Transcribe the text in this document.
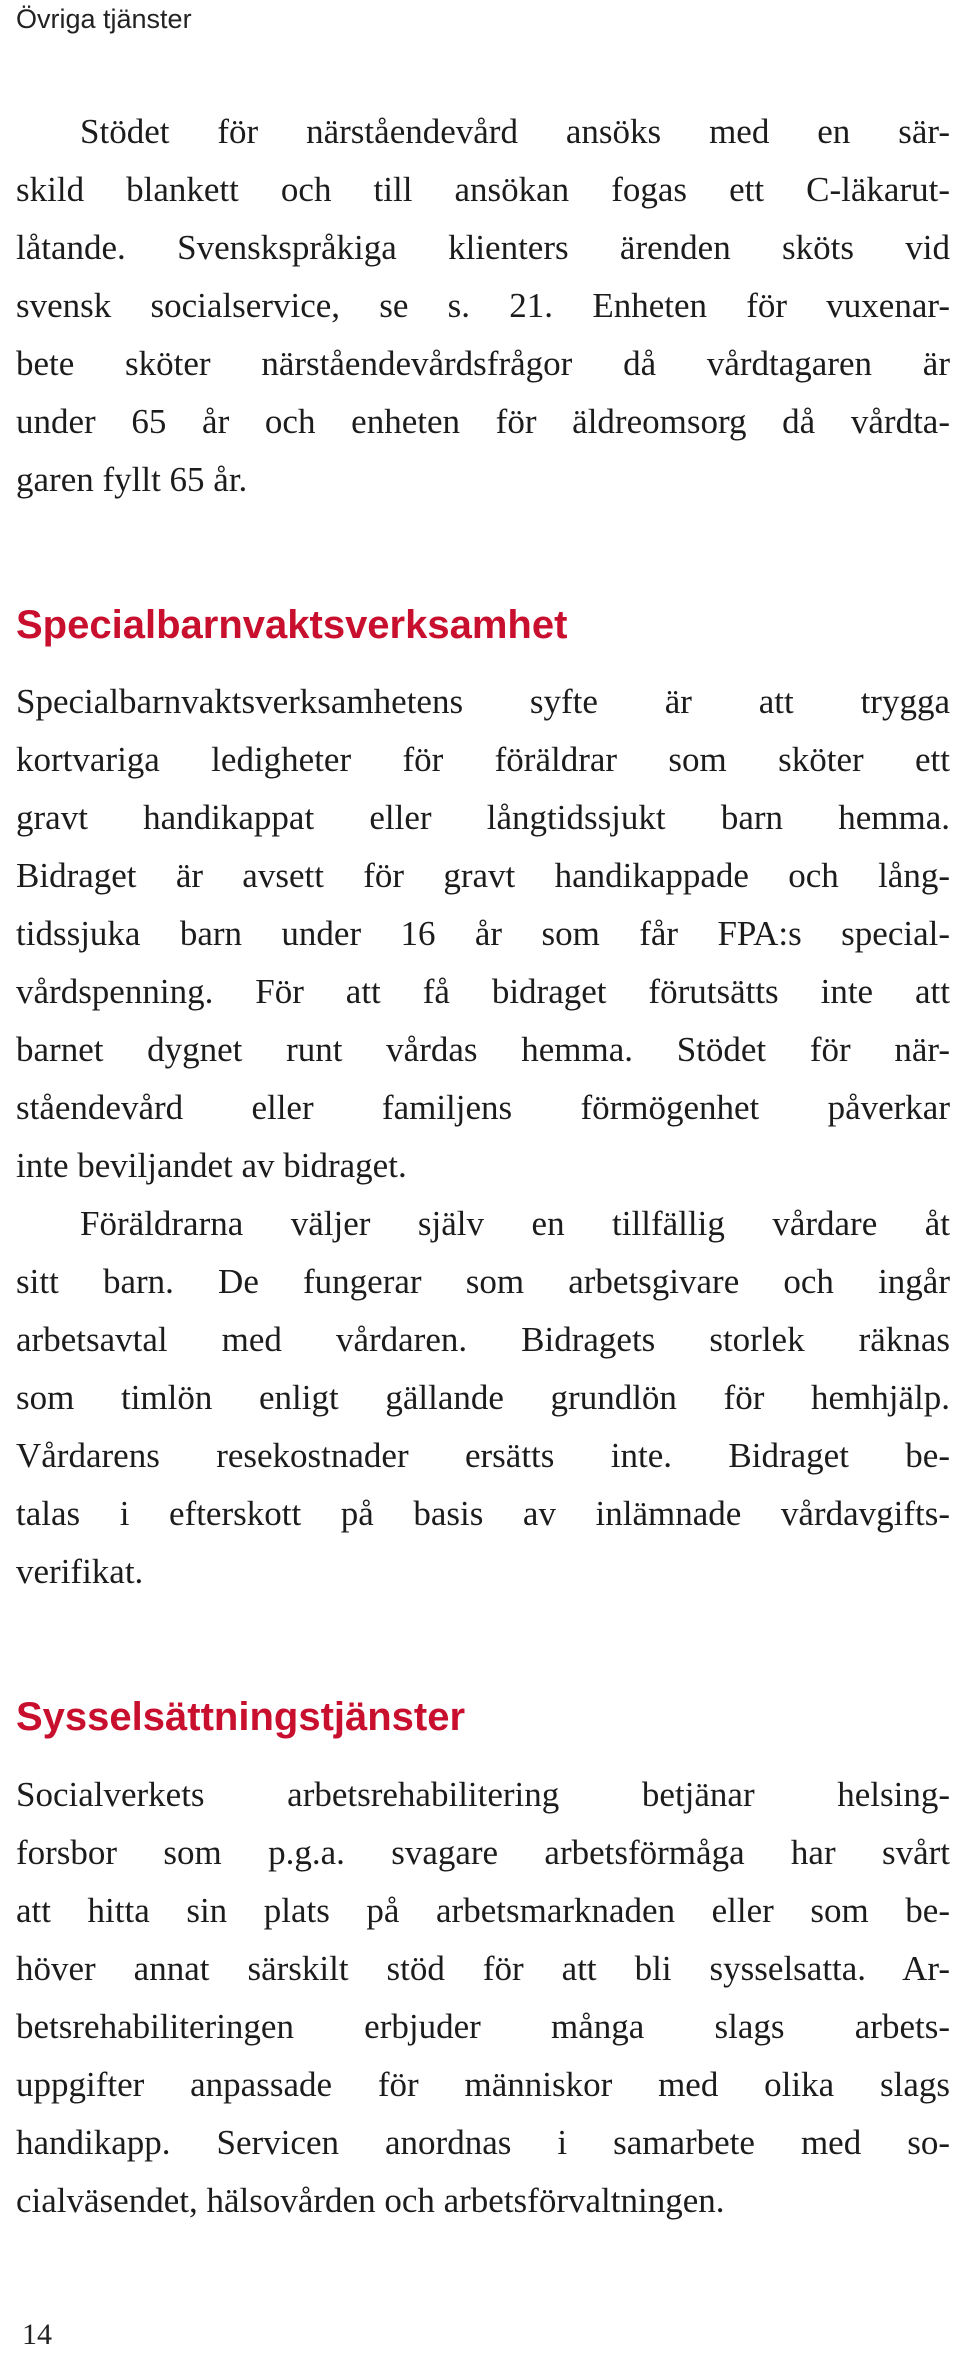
Övriga tjänster
Stödet för närståendevård ansöks med en sär-
skild blankett och till ansökan fogas ett C-läkarut-
låtande. Svenskspråkiga klienters ärenden sköts vid
svensk socialservice, se s. 21. Enheten för vuxenar-
bete sköter närståendevårdsfrågor då vårdtagaren är
under 65 år och enheten för äldreomsorg då vårdta-
garen fyllt 65 år.
Specialbarnvaktsverksamhet
Specialbarnvaktsverksamhetens syfte är att trygga
kortvariga ledigheter för föräldrar som sköter ett
gravt handikappat eller långtidssjukt barn hemma.
Bidraget är avsett för gravt handikappade och lång-
tidssjuka barn under 16 år som får FPA:s special-
vårdspenning. För att få bidraget förutsätts inte att
barnet dygnet runt vårdas hemma. Stödet för när-
ståendevård eller familjens förmögenhet påverkar
inte beviljandet av bidraget.
Föräldrarna väljer själv en tillfällig vårdare åt
sitt barn. De fungerar som arbetsgivare och ingår
arbetsavtal med vårdaren. Bidragets storlek räknas
som timlön enligt gällande grundlön för hemhjälp.
Vårdarens resekostnader ersätts inte. Bidraget be-
talas i efterskott på basis av inlämnade vårdavgifts-
verifikat.
Sysselsättningstjänster
Socialverkets arbetsrehabilitering betjänar helsing-
forsbor som p.g.a. svagare arbetsförmåga har svårt
att hitta sin plats på arbetsmarknaden eller som be-
höver annat särskilt stöd för att bli sysselsatta. Ar-
betsrehabiliteringen erbjuder många slags arbets-
uppgifter anpassade för människor med olika slags
handikapp. Servicen anordnas i samarbete med so-
cialväsendet, hälsovården och arbetsförvaltningen.
14
